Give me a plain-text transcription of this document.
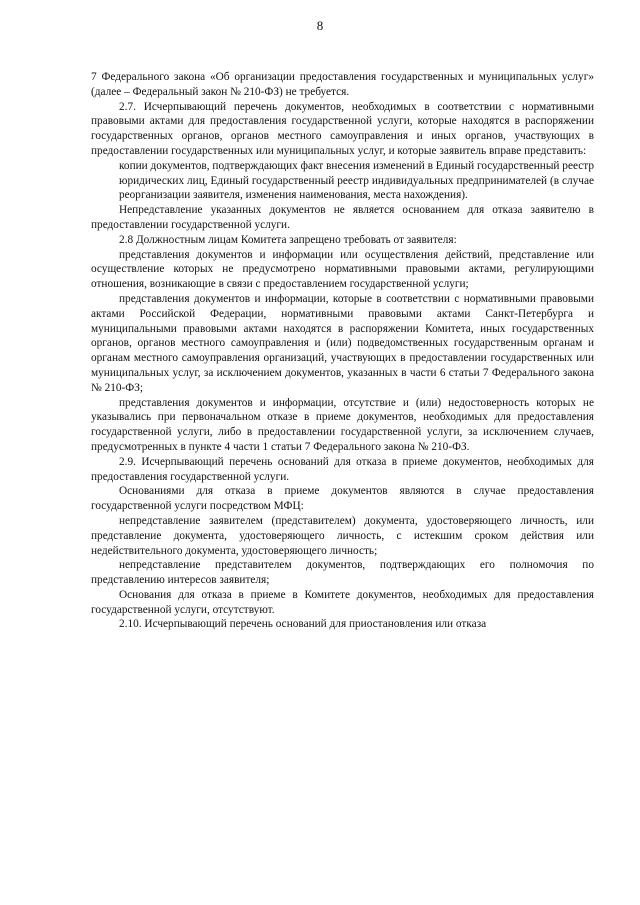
8

7 Федерального закона «Об организации предоставления государственных и муниципальных услуг» (далее – Федеральный закон № 210-ФЗ) не требуется.

2.7. Исчерпывающий перечень документов, необходимых в соответствии с нормативными правовыми актами для предоставления государственной услуги, которые находятся в распоряжении государственных органов, органов местного самоуправления и иных органов, участвующих в предоставлении государственных или муниципальных услуг, и которые заявитель вправе представить:

копии документов, подтверждающих факт внесения изменений в Единый государственный реестр юридических лиц, Единый государственный реестр индивидуальных предпринимателей (в случае реорганизации заявителя, изменения наименования, места нахождения).

Непредставление указанных документов не является основанием для отказа заявителю в предоставлении государственной услуги.

2.8 Должностным лицам Комитета запрещено требовать от заявителя:

представления документов и информации или осуществления действий, представление или осуществление которых не предусмотрено нормативными правовыми актами, регулирующими отношения, возникающие в связи с предоставлением государственной услуги;

представления документов и информации, которые в соответствии с нормативными правовыми актами Российской Федерации, нормативными правовыми актами Санкт-Петербурга и муниципальными правовыми актами находятся в распоряжении Комитета, иных государственных органов, органов местного самоуправления и (или) подведомственных государственным органам и органам местного самоуправления организаций, участвующих в предоставлении государственных или муниципальных услуг, за исключением документов, указанных в части 6 статьи 7 Федерального закона № 210-ФЗ;

представления документов и информации, отсутствие и (или) недостоверность которых не указывались при первоначальном отказе в приеме документов, необходимых для предоставления государственной услуги, либо в предоставлении государственной услуги, за исключением случаев, предусмотренных в пункте 4 части 1 статьи 7 Федерального закона № 210-ФЗ.

2.9. Исчерпывающий перечень оснований для отказа в приеме документов, необходимых для предоставления государственной услуги.

Основаниями для отказа в приеме документов являются в случае предоставления государственной услуги посредством МФЦ:

непредставление заявителем (представителем) документа, удостоверяющего личность, или представление документа, удостоверяющего личность, с истекшим сроком действия или недействительного документа, удостоверяющего личность;

непредставление представителем документов, подтверждающих его полномочия по представлению интересов заявителя;

Основания для отказа в приеме в Комитете документов, необходимых для предоставления государственной услуги, отсутствуют.

2.10. Исчерпывающий перечень оснований для приостановления или отказа
